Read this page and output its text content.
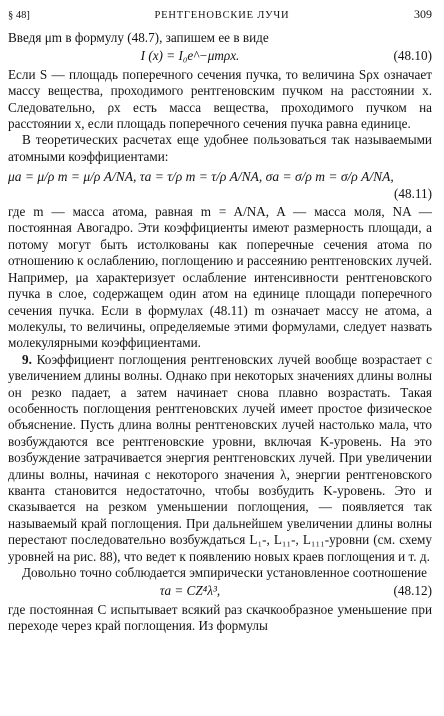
§ 48]	РЕНТГЕНОВСКИЕ ЛУЧИ	309

Введя μm в формулу (48.7), запишем ее в виде

I (x) = I₀e^−μmρx.	(48.10)

Если S — площадь поперечного сечения пучка, то величина Sρx означает массу вещества, проходимого рентгеновским пучком на расстоянии x. Следовательно, ρx есть масса вещества, проходимого пучком на расстоянии x, если площадь поперечного сечения пучка равна единице.

В теоретических расчетах еще удобнее пользоваться так называемыми атомными коэффициентами:

μa = μ/ρ m = μ/ρ A/NA, τa = τ/ρ m = τ/ρ A/NA, σa = σ/ρ m = σ/ρ A/NA,
(48.11)

где m — масса атома, равная m = A/NA, A — масса моля, NA — постоянная Авогадро. Эти коэффициенты имеют размерность площади, а потому могут быть истолкованы как поперечные сечения атома по отношению к ослаблению, поглощению и рассеянию рентгеновских лучей. Например, μa характеризует ослабление интенсивности рентгеновского пучка в слое, содержащем один атом на единице площади поперечного сечения пучка. Если в формулах (48.11) m означает массу не атома, а молекулы, то величины, определяемые этими формулами, следует назвать молекулярными коэффициентами.

9. Коэффициент поглощения рентгеновских лучей вообще возрастает с увеличением длины волны. Однако при некоторых значениях длины волны он резко падает, а затем начинает снова плавно возрастать. Такая особенность поглощения рентгеновских лучей имеет простое физическое объяснение. Пусть длина волны рентгеновских лучей настолько мала, что возбуждаются все рентгеновские уровни, включая K-уровень. На это возбуждение затрачивается энергия рентгеновских лучей. При увеличении длины волны, начиная с некоторого значения λ, энергии рентгеновского кванта становится недостаточно, чтобы возбудить K-уровень. Это и сказывается на резком уменьшении поглощения, — появляется так называемый край поглощения. При дальнейшем увеличении длины волны перестают последовательно возбуждаться L₁-, L₁₁-, L₁₁₁-уровни (см. схему уровней на рис. 88), что ведет к появлению новых краев поглощения и т. д.

Довольно точно соблюдается эмпирически установленное соотношение

τa = CZ⁴λ³,	(48.12)

где постоянная C испытывает всякий раз скачкообразное уменьшение при переходе через край поглощения. Из формулы
